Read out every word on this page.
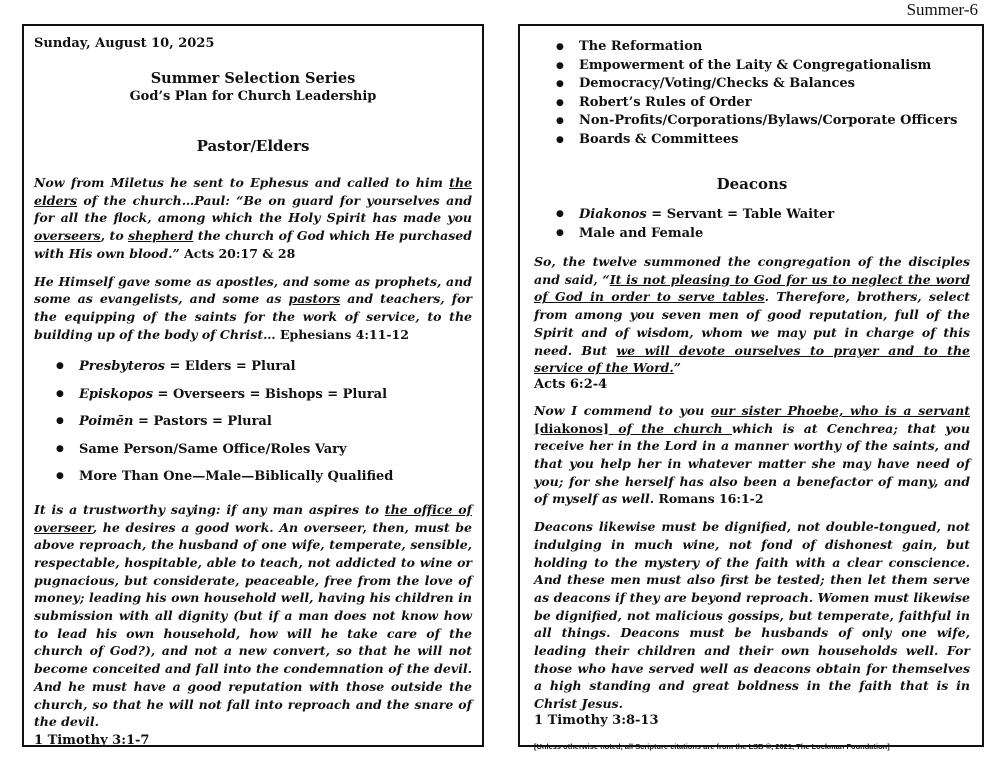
Summer-6
Sunday, August 10, 2025
Summer Selection Series
God’s Plan for Church Leadership
Pastor/Elders

Now from Miletus he sent to Ephesus and called to him the elders of the church…Paul: “Be on guard for yourselves and for all the flock, among which the Holy Spirit has made you overseers, to shepherd the church of God which He purchased with His own blood.” Acts 20:17 & 28

He Himself gave some as apostles, and some as prophets, and some as evangelists, and some as pastors and teachers, for the equipping of the saints for the work of service, to the building up of the body of Christ… Ephesians 4:11-12

● Presbyteros = Elders = Plural
● Episkopos = Overseers = Bishops = Plural
● Poimēn = Pastors = Plural
● Same Person/Same Office/Roles Vary
● More Than One—Male—Biblically Qualified

It is a trustworthy saying: if any man aspires to the office of overseer, he desires a good work. An overseer, then, must be above reproach, the husband of one wife, temperate, sensible, respectable, hospitable, able to teach, not addicted to wine or pugnacious, but considerate, peaceable, free from the love of money; leading his own household well, having his children in submission with all dignity (but if a man does not know how to lead his own household, how will he take care of the church of God?), and not a new convert, so that he will not become conceited and fall into the condemnation of the devil. And he must have a good reputation with those outside the church, so that he will not fall into reproach and the snare of the devil.

1 Timothy 3:1-7
● The Reformation
● Empowerment of the Laity & Congregationalism
● Democracy/Voting/Checks & Balances
● Robert’s Rules of Order
● Non-Profits/Corporations/Bylaws/Corporate Officers
● Boards & Committees
Deacons
● Diakonos = Servant = Table Waiter
● Male and Female

So, the twelve summoned the congregation of the disciples and said, “It is not pleasing to God for us to neglect the word of God in order to serve tables. Therefore, brothers, select from among you seven men of good reputation, full of the Spirit and of wisdom, whom we may put in charge of this need. But we will devote ourselves to prayer and to the service of the Word.”

Acts 6:2-4

Now I commend to you our sister Phoebe, who is a servant [diakonos] of the church which is at Cenchrea; that you receive her in the Lord in a manner worthy of the saints, and that you help her in whatever matter she may have need of you; for she herself has also been a benefactor of many, and of myself as well. Romans 16:1-2

Deacons likewise must be dignified, not double-tongued, not indulging in much wine, not fond of dishonest gain, but holding to the mystery of the faith with a clear conscience. And these men must also first be tested; then let them serve as deacons if they are beyond reproach. Women must likewise be dignified, not malicious gossips, but temperate, faithful in all things. Deacons must be husbands of only one wife, leading their children and their own households well. For those who have served well as deacons obtain for themselves a high standing and great boldness in the faith that is in Christ Jesus.

1 Timothy 3:8-13
[Unless otherwise noted, all Scripture citations are from the LSB ©, 2021, The Lockman Foundation]
